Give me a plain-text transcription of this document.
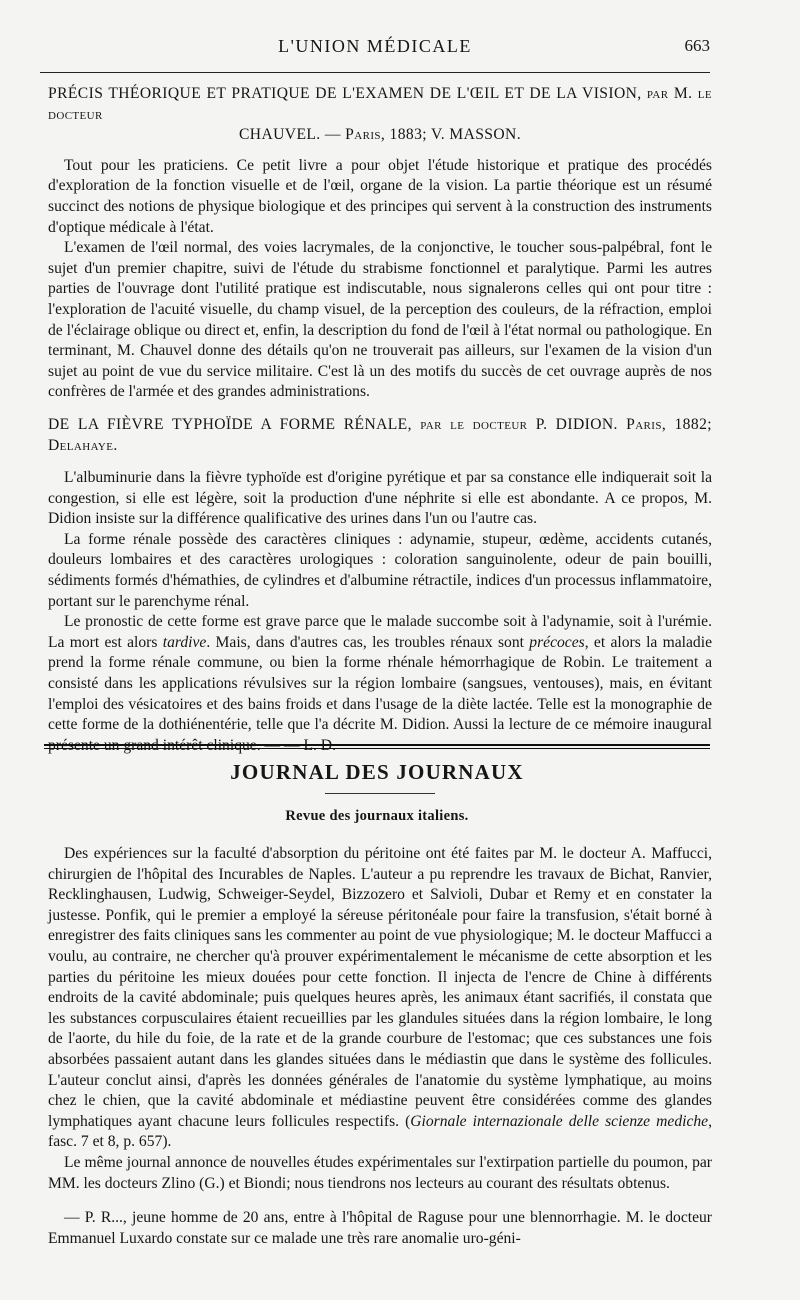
L'UNION MÉDICALE	663
PRÉCIS THÉORIQUE ET PRATIQUE DE L'EXAMEN DE L'ŒIL ET DE LA VISION, par M. le docteur
CHAUVEL. — Paris, 1883; V. MASSON.

Tout pour les praticiens. Ce petit livre a pour objet l'étude historique et pratique des procédés d'exploration de la fonction visuelle et de l'œil, organe de la vision. La partie théorique est un résumé succinct des notions de physique biologique et des principes qui servent à la construction des instruments d'optique médicale à l'état.

L'examen de l'œil normal, des voies lacrymales, de la conjonctive, le toucher sous-palpébral, font le sujet d'un premier chapitre, suivi de l'étude du strabisme fonctionnel et paralytique. Parmi les autres parties de l'ouvrage dont l'utilité pratique est indiscutable, nous signalerons celles qui ont pour titre : l'exploration de l'acuité visuelle, du champ visuel, de la perception des couleurs, de la réfraction, emploi de l'éclairage oblique ou direct et, enfin, la description du fond de l'œil à l'état normal ou pathologique. En terminant, M. Chauvel donne des détails qu'on ne trouverait pas ailleurs, sur l'examen de la vision d'un sujet au point de vue du service militaire. C'est là un des motifs du succès de cet ouvrage auprès de nos confrères de l'armée et des grandes administrations.

DE LA FIÈVRE TYPHOÏDE A FORME RÉNALE, par le docteur P. DIDION. Paris, 1882; Delahaye.

L'albuminurie dans la fièvre typhoïde est d'origine pyrétique et par sa constance elle indiquerait soit la congestion, si elle est légère, soit la production d'une néphrite si elle est abondante. A ce propos, M. Didion insiste sur la différence qualificative des urines dans l'un ou l'autre cas.

La forme rénale possède des caractères cliniques : adynamie, stupeur, œdème, accidents cutanés, douleurs lombaires et des caractères urologiques : coloration sanguinolente, odeur de pain bouilli, sédiments formés d'hémathies, de cylindres et d'albumine rétractile, indices d'un processus inflammatoire, portant sur le parenchyme rénal.

Le pronostic de cette forme est grave parce que le malade succombe soit à l'adynamie, soit à l'urémie. La mort est alors tardive. Mais, dans d'autres cas, les troubles rénaux sont précoces, et alors la maladie prend la forme rénale commune, ou bien la forme rhénale hémorrhagique de Robin. Le traitement a consisté dans les applications révulsives sur la région lombaire (sangsues, ventouses), mais, en évitant l'emploi des vésicatoires et des bains froids et dans l'usage de la diète lactée. Telle est la monographie de cette forme de la dothiénentérie, telle que l'a décrite M. Didion. Aussi la lecture de ce mémoire inaugural présente un grand intérêt clinique. — — L. D.

JOURNAL DES JOURNAUX
Revue des journaux italiens.

Des expériences sur la faculté d'absorption du péritoine ont été faites par M. le docteur A. Maffucci, chirurgien de l'hôpital des Incurables de Naples. L'auteur a pu reprendre les travaux de Bichat, Ranvier, Recklinghausen, Ludwig, Schweiger-Seydel, Bizzozero et Salvioli, Dubar et Remy et en constater la justesse. Ponfik, qui le premier a employé la séreuse péritonéale pour faire la transfusion, s'était borné à enregistrer des faits cliniques sans les commenter au point de vue physiologique; M. le docteur Maffucci a voulu, au contraire, ne chercher qu'à prouver expérimentalement le mécanisme de cette absorption et les parties du péritoine les mieux douées pour cette fonction. Il injecta de l'encre de Chine à différents endroits de la cavité abdominale; puis quelques heures après, les animaux étant sacrifiés, il constata que les substances corpusculaires étaient recueillies par les glandules situées dans la région lombaire, le long de l'aorte, du hile du foie, de la rate et de la grande courbure de l'estomac; que ces substances une fois absorbées passaient autant dans les glandes situées dans le médiastin que dans le système des follicules. L'auteur conclut ainsi, d'après les données générales de l'anatomie du système lymphatique, au moins chez le chien, que la cavité abdominale et médiastine peuvent être considérées comme des glandes lymphatiques ayant chacune leurs follicules respectifs. (Giornale internazionale delle scienze mediche, fasc. 7 et 8, p. 657).

Le même journal annonce de nouvelles études expérimentales sur l'extirpation partielle du poumon, par MM. les docteurs Zlino (G.) et Biondi; nous tiendrons nos lecteurs au courant des résultats obtenus.

— P. R..., jeune homme de 20 ans, entre à l'hôpital de Raguse pour une blennorrhagie. M. le docteur Emmanuel Luxardo constate sur ce malade une très rare anomalie uro-géni-
